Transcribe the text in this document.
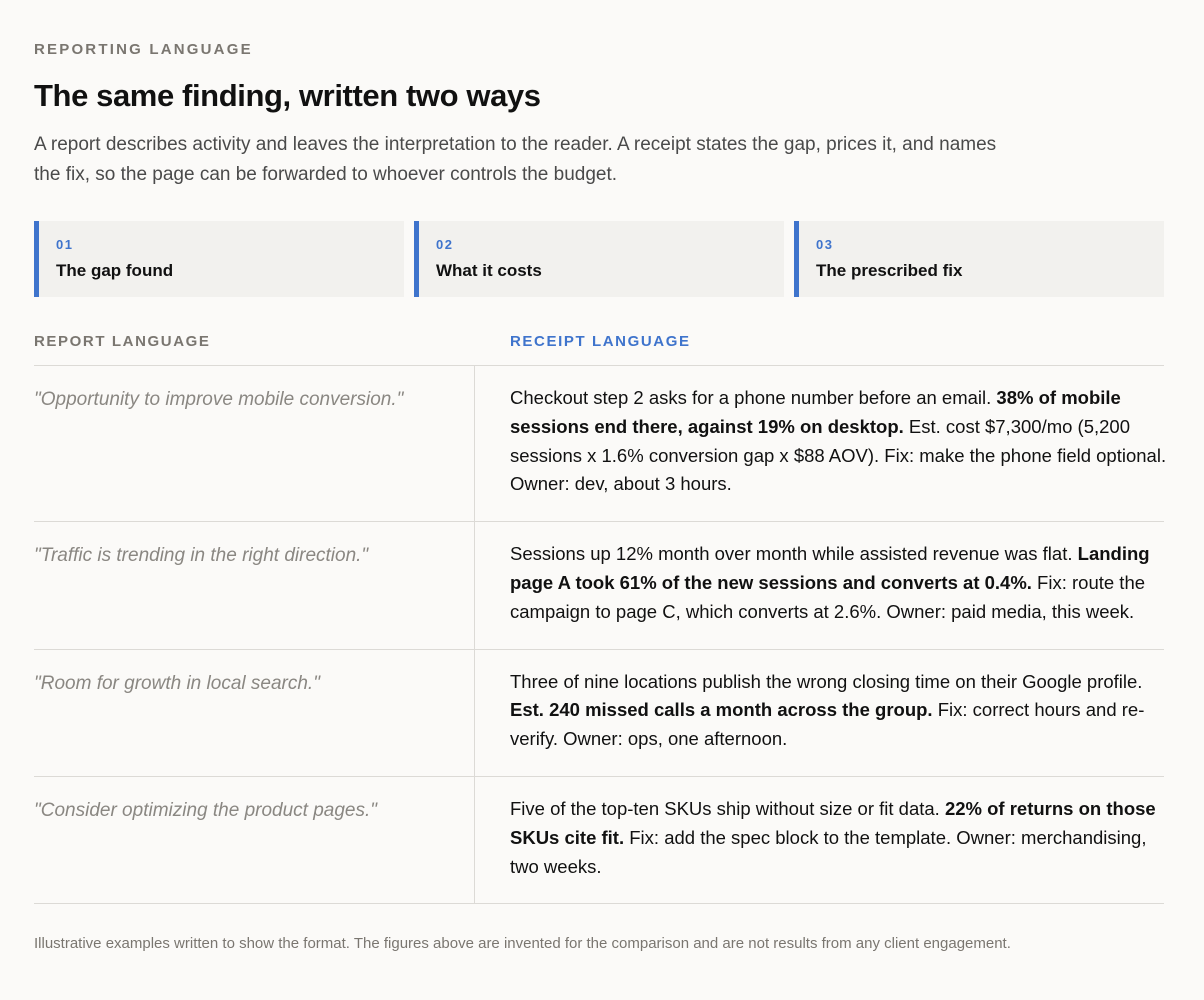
REPORTING LANGUAGE
The same finding, written two ways

A report describes activity and leaves the interpretation to the reader. A receipt states the gap, prices it, and names
the fix, so the page can be forwarded to whoever controls the budget.

01
The gap found
02
What it costs
03
The prescribed fix
REPORT LANGUAGE	RECEIPT LANGUAGE
"Opportunity to improve mobile conversion."	Checkout step 2 asks for a phone number before an email. 38% of mobile
sessions end there, against 19% on desktop. Est. cost $7,300/mo (5,200
sessions x 1.6% conversion gap x $88 AOV). Fix: make the phone field optional.
Owner: dev, about 3 hours.
"Traffic is trending in the right direction."	Sessions up 12% month over month while assisted revenue was flat. Landing
page A took 61% of the new sessions and converts at 0.4%. Fix: route the
campaign to page C, which converts at 2.6%. Owner: paid media, this week.
"Room for growth in local search."	Three of nine locations publish the wrong closing time on their Google profile.
Est. 240 missed calls a month across the group. Fix: correct hours and re-
verify. Owner: ops, one afternoon.
"Consider optimizing the product pages."	Five of the top-ten SKUs ship without size or fit data. 22% of returns on those
SKUs cite fit. Fix: add the spec block to the template. Owner: merchandising,
two weeks.

Illustrative examples written to show the format. The figures above are invented for the comparison and are not results from any client engagement.
